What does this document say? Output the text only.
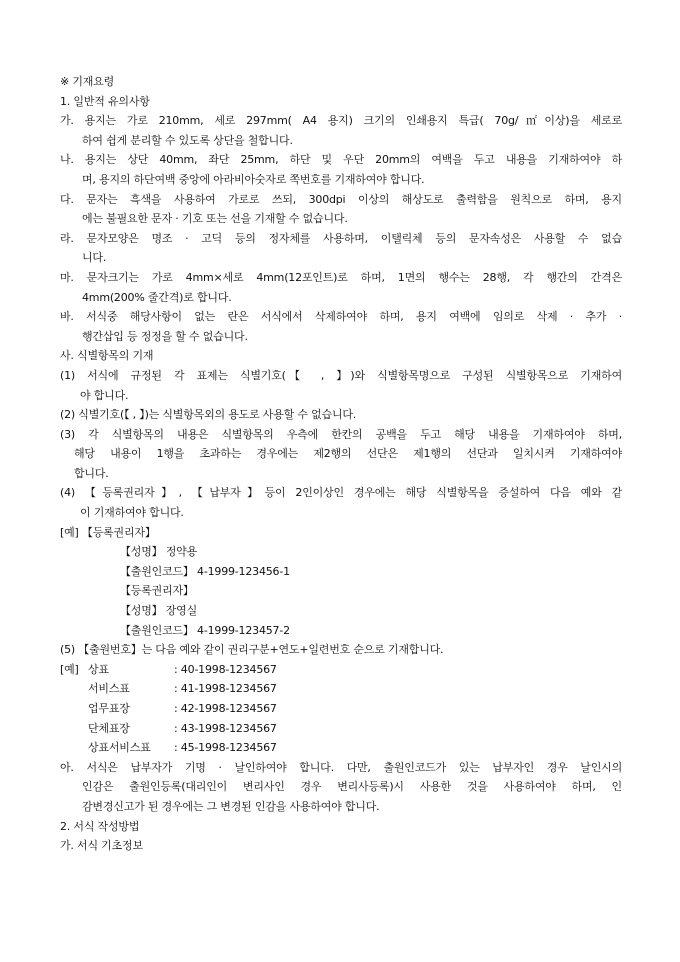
※ 기재요령
1. 일반적 유의사항
가. 용지는 가로 210mm, 세로 297mm( A4 용지) 크기의 인쇄용지 특급( 70g/㎡이상)을 세로로
하여 쉽게 분리할 수 있도록 상단을 철합니다.
나. 용지는 상단 40mm, 좌단 25mm, 하단 및 우단 20mm의 여백을 두고 내용을 기재하여야 하
며, 용지의 하단여백 중앙에 아라비아숫자로 쪽번호를 기재하여야 합니다.
다. 문자는 흑색을 사용하여 가로로 쓰되, 300dpi 이상의 해상도로 출력함을 원칙으로 하며, 용지
에는 불필요한 문자 · 기호 또는 선을 기재할 수 없습니다.
라. 문자모양은 명조 · 고딕 등의 정자체를 사용하며, 이탤릭체 등의 문자속성은 사용할 수 없습
니다.
마. 문자크기는 가로 4mm×세로 4mm(12포인트)로 하며, 1면의 행수는 28행, 각 행간의 간격은
4mm(200% 줄간격)로 합니다.
바. 서식중 해당사항이 없는 란은 서식에서 삭제하여야 하며, 용지 여백에 임의로 삭제 · 추가 ·
행간삽입 등 정정을 할 수 없습니다.
사. 식별항목의 기재
(1) 서식에 규정된 각 표제는 식별기호(【 , 】)와 식별항목명으로 구성된 식별항목으로 기재하여
야 합니다.
(2) 식별기호(【 , 】)는 식별항목외의 용도로 사용할 수 없습니다.
(3) 각 식별항목의 내용은 식별항목의 우측에 한칸의 공백을 두고 해당 내용을 기재하여야 하며,
해당 내용이 1행을 초과하는 경우에는 제2행의 선단은 제1행의 선단과 일치시켜 기재하여야
합니다.
(4) 【등록권리자】, 【납부자】등이 2인이상인 경우에는 해당 식별항목을 증설하여 다음 예와 같
이 기재하여야 합니다.
[예] 【등록권리자】
【성명】 정약용
【출원인코드】 4-1999-123456-1
【등록권리자】
【성명】 장영실
【출원인코드】 4-1999-123457-2
(5) 【출원번호】는 다음 예와 같이 권리구분+연도+일련번호 순으로 기재합니다.
[예] 상표	: 40-1998-1234567
서비스표	: 41-1998-1234567
업무표장	: 42-1998-1234567
단체표장	: 43-1998-1234567
상표서비스표	: 45-1998-1234567
아. 서식은 납부자가 기명 · 날인하여야 합니다. 다만, 출원인코드가 있는 납부자인 경우 날인시의
인감은 출원인등록(대리인이 변리사인 경우 변리사등록)시 사용한 것을 사용하여야 하며, 인
감변경신고가 된 경우에는 그 변경된 인감을 사용하여야 합니다.
2. 서식 작성방법
가. 서식 기초정보
